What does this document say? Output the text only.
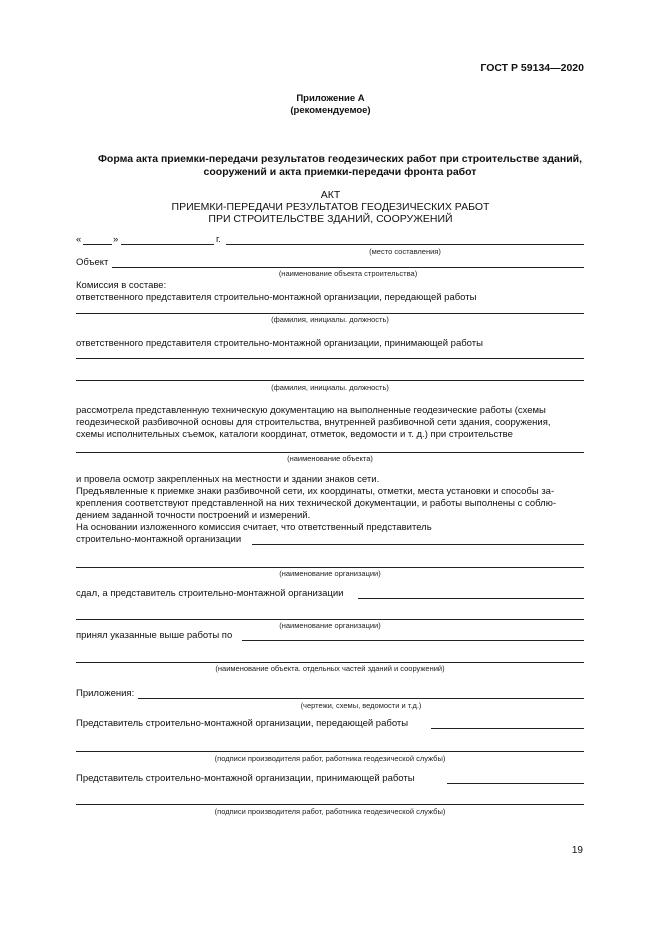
ГОСТ Р 59134—2020
Приложение А
(рекомендуемое)
Форма акта приемки-передачи результатов геодезических работ при строительстве зданий,
сооружений и акта приемки-передачи фронта работ
АКТ
ПРИЕМКИ-ПЕРЕДАЧИ РЕЗУЛЬТАТОВ ГЕОДЕЗИЧЕСКИХ РАБОТ
ПРИ СТРОИТЕЛЬСТВЕ ЗДАНИЙ, СООРУЖЕНИЙ
«	»	г.
(место составления)
Объект
(наименование объекта строительства)
Комиссия в составе:
ответственного представителя строительно-монтажной организации, передающей работы
(фамилия, инициалы. должность)
ответственного представителя строительно-монтажной организации, принимающей работы
(фамилия, инициалы. должность)
рассмотрела представленную техническую документацию на выполненные геодезические работы (схемы
геодезической разбивочной основы для строительства, внутренней разбивочной сети здания, сооружения,
схемы исполнительных съемок, каталоги координат, отметок, ведомости и т. д.) при строительстве
(наименование объекта)
и провела осмотр закрепленных на местности и здании знаков сети.
Предъявленные к приемке знаки разбивочной сети, их координаты, отметки, места установки и способы за-
крепления соответствуют представленной на них технической документации, и работы выполнены с соблю-
дением заданной точности построений и измерений.
На основании изложенного комиссия считает, что ответственный представитель
строительно-монтажной организации
(наименование организации)
сдал, а представитель строительно-монтажной организации
(наименование организации)
принял указанные выше работы по
(наименование объекта. отдельных частей зданий и сооружений)
Приложения:
(чертежи, схемы, ведомости и т.д.)
Представитель строительно-монтажной организации, передающей работы
(подписи производителя работ, работника геодезической службы)
Представитель строительно-монтажной организации, принимающей работы
(подписи производителя работ, работника геодезической службы)
19
